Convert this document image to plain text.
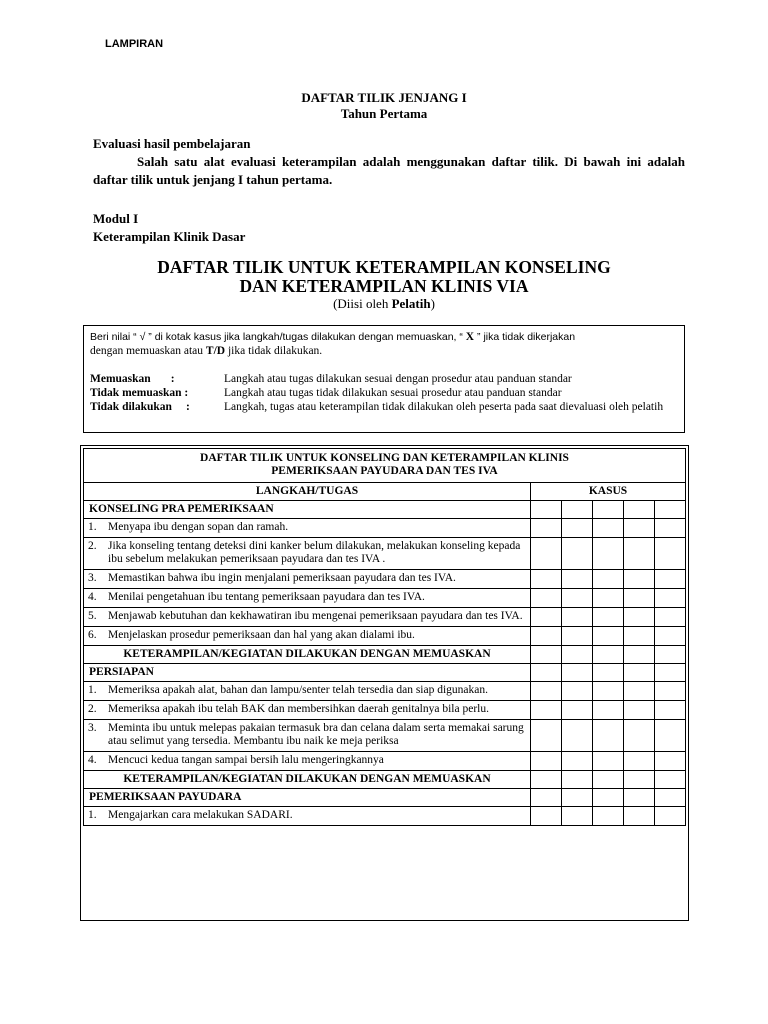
LAMPIRAN
DAFTAR TILIK JENJANG I
Tahun Pertama

Evaluasi hasil pembelajaran

Salah satu alat evaluasi keterampilan adalah menggunakan daftar tilik. Di bawah ini adalah daftar tilik untuk jenjang I tahun pertama.

Modul I

Keterampilan Klinik Dasar

DAFTAR TILIK UNTUK KETERAMPILAN KONSELING
DAN KETERAMPILAN KLINIS VIA
(Diisi oleh Pelatih)
Beri nilai “ √ ” di kotak kasus jika langkah/tugas dilakukan dengan memuaskan, “ X ” jika tidak dikerjakan
dengan memuaskan atau T/D jika tidak dilakukan.
Memuaskan :	Langkah atau tugas dilakukan sesuai dengan prosedur atau panduan standar
Tidak memuaskan :	Langkah atau tugas tidak dilakukan sesuai prosedur atau panduan standar
Tidak dilakukan :	Langkah, tugas atau keterampilan tidak dilakukan oleh peserta pada saat dievaluasi oleh pelatih
DAFTAR TILIK UNTUK KONSELING DAN KETERAMPILAN KLINIS
PEMERIKSAAN PAYUDARA DAN TES IVA					

LANGKAH/TUGAS	KASUS				
KONSELING PRA PEMERIKSAAN					

1. Menyapa ibu dengan sopan dan ramah.					

2. Jika konseling tentang deteksi dini kanker belum dilakukan, melakukan konseling kepada ibu sebelum melakukan pemeriksaan payudara dan tes IVA .					

3. Memastikan bahwa ibu ingin menjalani pemeriksaan payudara dan tes IVA.					

4. Menilai pengetahuan ibu tentang pemeriksaan payudara dan tes IVA.					

5. Menjawab kebutuhan dan kekhawatiran ibu mengenai pemeriksaan payudara dan tes IVA.					

6. Menjelaskan prosedur pemeriksaan dan hal yang akan dialami ibu.					

KETERAMPILAN/KEGIATAN DILAKUKAN DENGAN MEMUASKAN					
PERSIAPAN					

1. Memeriksa apakah alat, bahan dan lampu/senter telah tersedia dan siap digunakan.					

2. Memeriksa apakah ibu telah BAK dan membersihkan daerah genitalnya bila perlu.					

3. Meminta ibu untuk melepas pakaian termasuk bra dan celana dalam serta memakai sarung atau selimut yang tersedia. Membantu ibu naik ke meja periksa					

4. Mencuci kedua tangan sampai bersih lalu mengeringkannya					

KETERAMPILAN/KEGIATAN DILAKUKAN DENGAN MEMUASKAN					
PEMERIKSAAN PAYUDARA					

1. Mengajarkan cara melakukan SADARI.					
